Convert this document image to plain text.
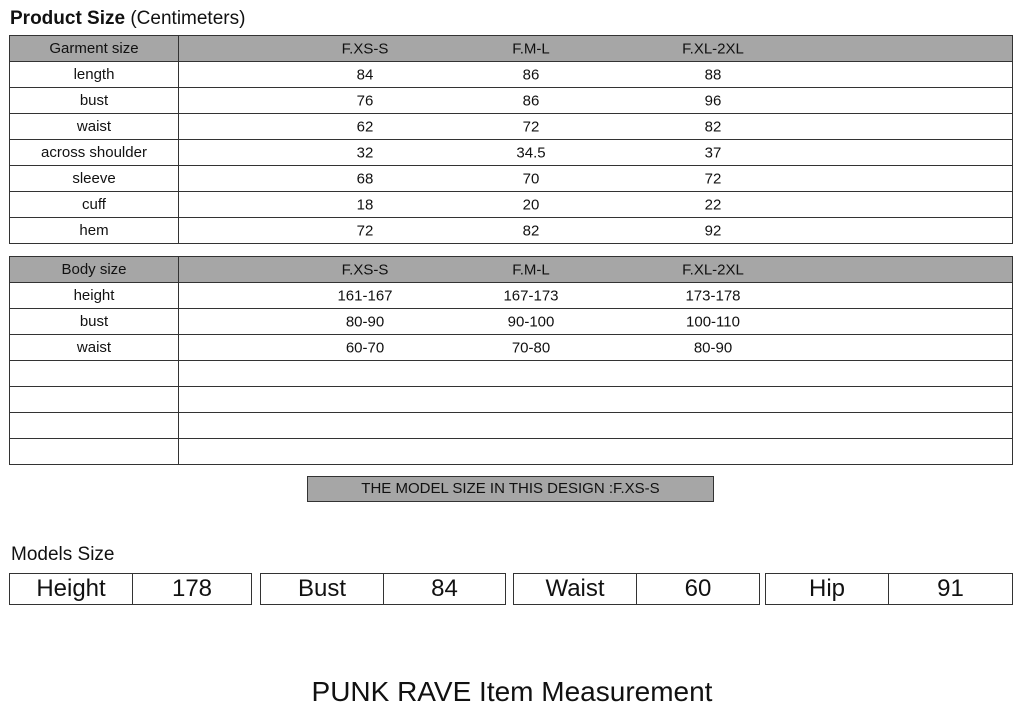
Product Size (Centimeters)
Garment size	F.XS-S F.M-L F.XL-2XL

length	84 86 88

bust	76 86 96

waist	62 72 82

across shoulder	32 34.5 37

sleeve	68 70 72

cuff	18 20 22

hem	72 82 92
Body size	F.XS-S F.M-L F.XL-2XL

height	161-167 167-173 173-178

bust	80-90 90-100 100-110

waist	60-70 70-80 80-90

THE MODEL SIZE IN THIS DESIGN :F.XS-S
Models Size
Height	178	Bust	84	Waist	60	Hip	91
PUNK RAVE Item Measurement
